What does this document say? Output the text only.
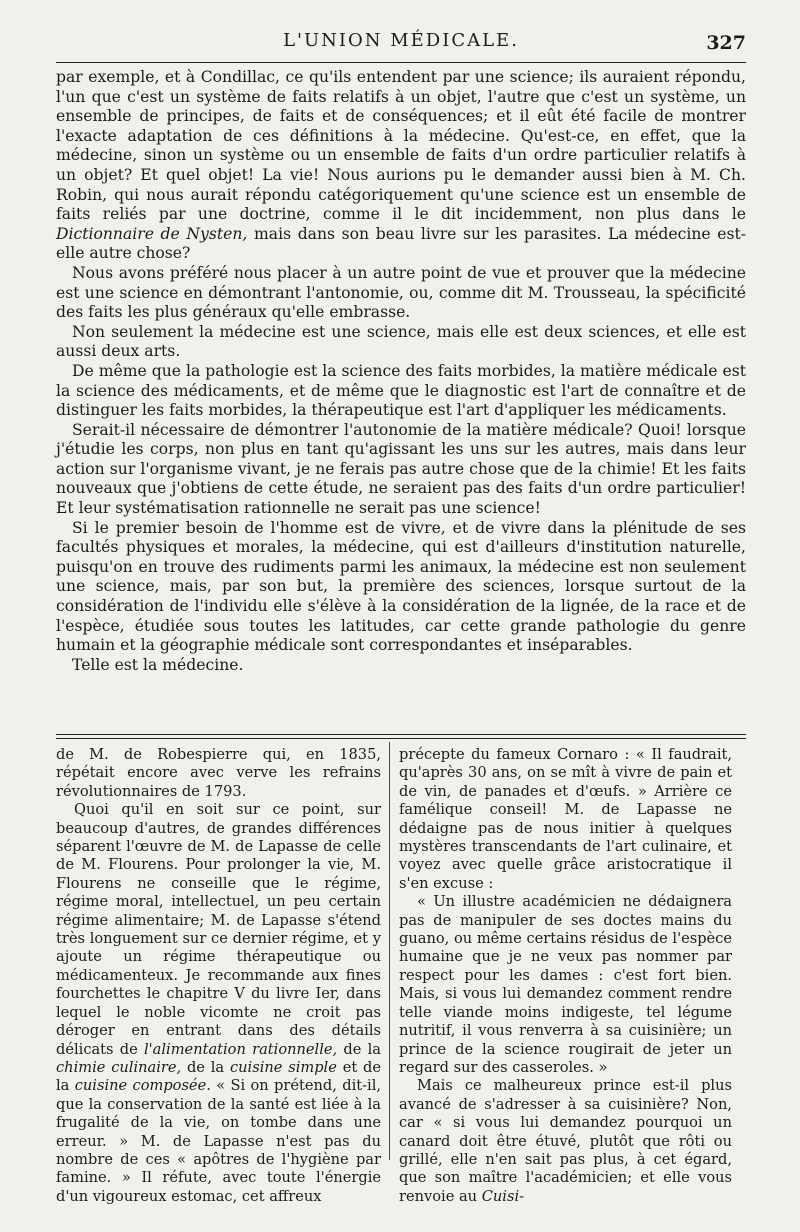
L'UNION MÉDICALE.	327

par exemple, et à Condillac, ce qu'ils entendent par une science; ils auraient répondu, l'un que c'est un système de faits relatifs à un objet, l'autre que c'est un système, un ensemble de principes, de faits et de conséquences; et il eût été facile de montrer l'exacte adaptation de ces définitions à la médecine. Qu'est-ce, en effet, que la médecine, sinon un système ou un ensemble de faits d'un ordre particulier relatifs à un objet? Et quel objet! La vie! Nous aurions pu le demander aussi bien à M. Ch. Robin, qui nous aurait répondu catégoriquement qu'une science est un ensemble de faits reliés par une doctrine, comme il le dit incidemment, non plus dans le Dictionnaire de Nysten, mais dans son beau livre sur les parasites. La médecine est-elle autre chose?

Nous avons préféré nous placer à un autre point de vue et prouver que la médecine est une science en démontrant l'antonomie, ou, comme dit M. Trousseau, la spécificité des faits les plus généraux qu'elle embrasse.

Non seulement la médecine est une science, mais elle est deux sciences, et elle est aussi deux arts.

De même que la pathologie est la science des faits morbides, la matière médicale est la science des médicaments, et de même que le diagnostic est l'art de connaître et de distinguer les faits morbides, la thérapeutique est l'art d'appliquer les médicaments.

Serait-il nécessaire de démontrer l'autonomie de la matière médicale? Quoi! lorsque j'étudie les corps, non plus en tant qu'agissant les uns sur les autres, mais dans leur action sur l'organisme vivant, je ne ferais pas autre chose que de la chimie! Et les faits nouveaux que j'obtiens de cette étude, ne seraient pas des faits d'un ordre particulier! Et leur systématisation rationnelle ne serait pas une science!

Si le premier besoin de l'homme est de vivre, et de vivre dans la plénitude de ses facultés physiques et morales, la médecine, qui est d'ailleurs d'institution naturelle, puisqu'on en trouve des rudiments parmi les animaux, la médecine est non seulement une science, mais, par son but, la première des sciences, lorsque surtout de la considération de l'individu elle s'élève à la considération de la lignée, de la race et de l'espèce, étudiée sous toutes les latitudes, car cette grande pathologie du genre humain et la géographie médicale sont correspondantes et inséparables.

Telle est la médecine.

de M. de Robespierre qui, en 1835, répétait encore avec verve les refrains révolutionnaires de 1793.

Quoi qu'il en soit sur ce point, sur beaucoup d'autres, de grandes différences séparent l'œuvre de M. de Lapasse de celle de M. Flourens. Pour prolonger la vie, M. Flourens ne conseille que le régime, régime moral, intellectuel, un peu certain régime alimentaire; M. de Lapasse s'étend très longuement sur ce dernier régime, et y ajoute un régime thérapeutique ou médicamenteux. Je recommande aux fines fourchettes le chapitre V du livre Ier, dans lequel le noble vicomte ne croit pas déroger en entrant dans des détails délicats de l'alimentation rationnelle, de la chimie culinaire, de la cuisine simple et de la cuisine composée. « Si on prétend, dit-il, que la conservation de la santé est liée à la frugalité de la vie, on tombe dans une erreur. » M. de Lapasse n'est pas du nombre de ces « apôtres de l'hygiène par famine. » Il réfute, avec toute l'énergie d'un vigoureux estomac, cet affreux

précepte du fameux Cornaro : « Il faudrait, qu'après 30 ans, on se mît à vivre de pain et de vin, de panades et d'œufs. » Arrière ce famélique conseil! M. de Lapasse ne dédaigne pas de nous initier à quelques mystères transcendants de l'art culinaire, et voyez avec quelle grâce aristocratique il s'en excuse :

« Un illustre académicien ne dédaignera pas de manipuler de ses doctes mains du guano, ou même certains résidus de l'espèce humaine que je ne veux pas nommer par respect pour les dames : c'est fort bien. Mais, si vous lui demandez comment rendre telle viande moins indigeste, tel légume nutritif, il vous renverra à sa cuisinière; un prince de la science rougirait de jeter un regard sur des casseroles. »

Mais ce malheureux prince est-il plus avancé de s'adresser à sa cuisinière? Non, car « si vous lui demandez pourquoi un canard doit être étuvé, plutôt que rôti ou grillé, elle n'en sait pas plus, à cet égard, que son maître l'académicien; et elle vous renvoie au Cuisi-
